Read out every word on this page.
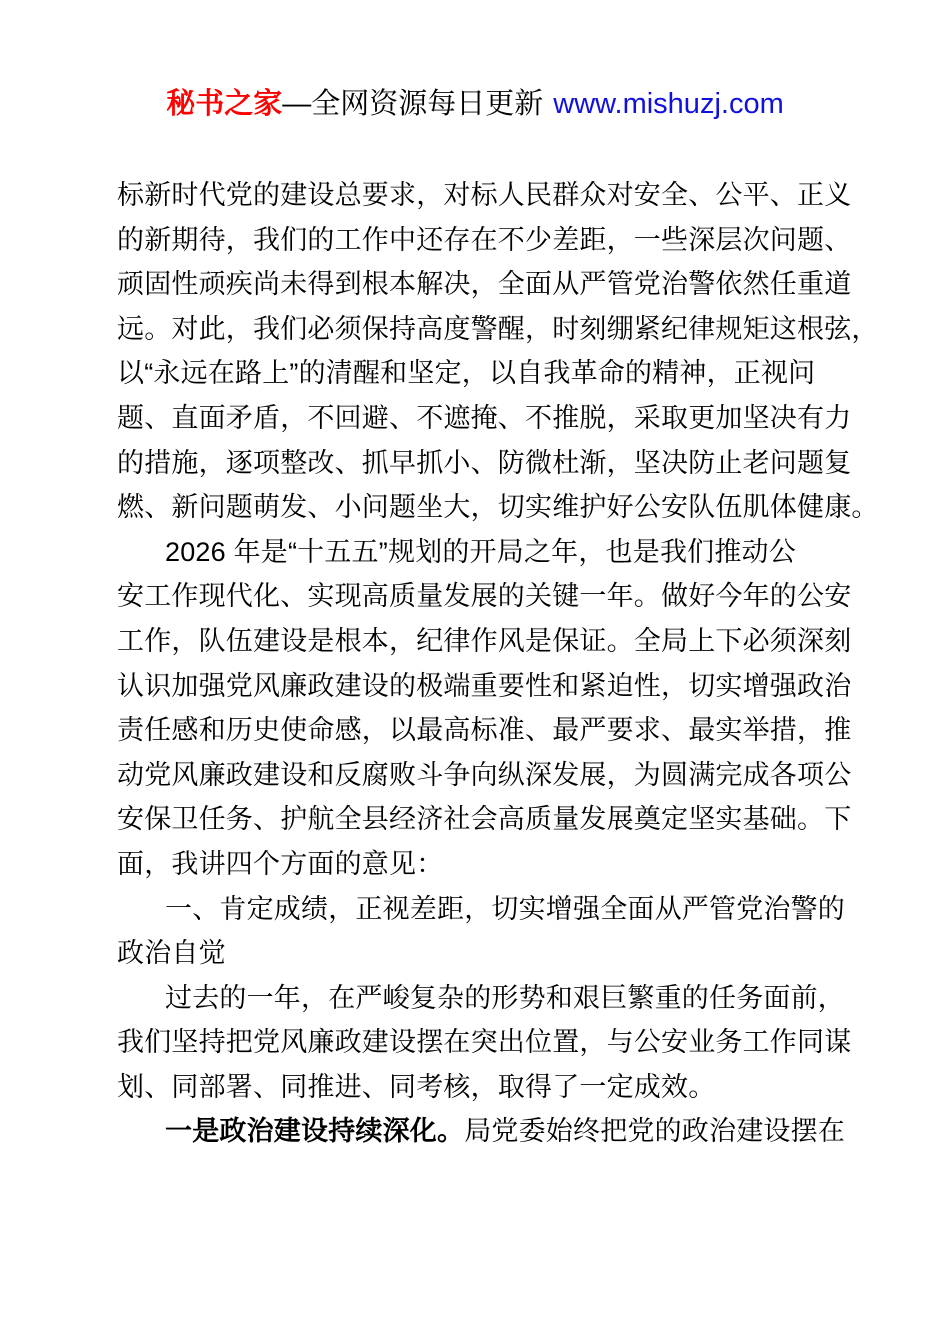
秘书之家—全网资源每日更新 www.mishuzj.com
标新时代党的建设总要求，对标人民群众对安全、公平、正义
的新期待，我们的工作中还存在不少差距，一些深层次问题、
顽固性顽疾尚未得到根本解决，全面从严管党治警依然任重道
远。对此，我们必须保持高度警醒，时刻绷紧纪律规矩这根弦，
以“永远在路上”的清醒和坚定，以自我革命的精神，正视问
题、直面矛盾，不回避、不遮掩、不推脱，采取更加坚决有力
的措施，逐项整改、抓早抓小、防微杜渐，坚决防止老问题复
燃、新问题萌发、小问题坐大，切实维护好公安队伍肌体健康。
2026 年是“十五五”规划的开局之年，也是我们推动公
安工作现代化、实现高质量发展的关键一年。做好今年的公安
工作，队伍建设是根本，纪律作风是保证。全局上下必须深刻
认识加强党风廉政建设的极端重要性和紧迫性，切实增强政治
责任感和历史使命感，以最高标准、最严要求、最实举措，推
动党风廉政建设和反腐败斗争向纵深发展，为圆满完成各项公
安保卫任务、护航全县经济社会高质量发展奠定坚实基础。下
面，我讲四个方面的意见：
一、肯定成绩，正视差距，切实增强全面从严管党治警的
政治自觉
过去的一年，在严峻复杂的形势和艰巨繁重的任务面前，
我们坚持把党风廉政建设摆在突出位置，与公安业务工作同谋
划、同部署、同推进、同考核，取得了一定成效。
一是政治建设持续深化。局党委始终把党的政治建设摆在
